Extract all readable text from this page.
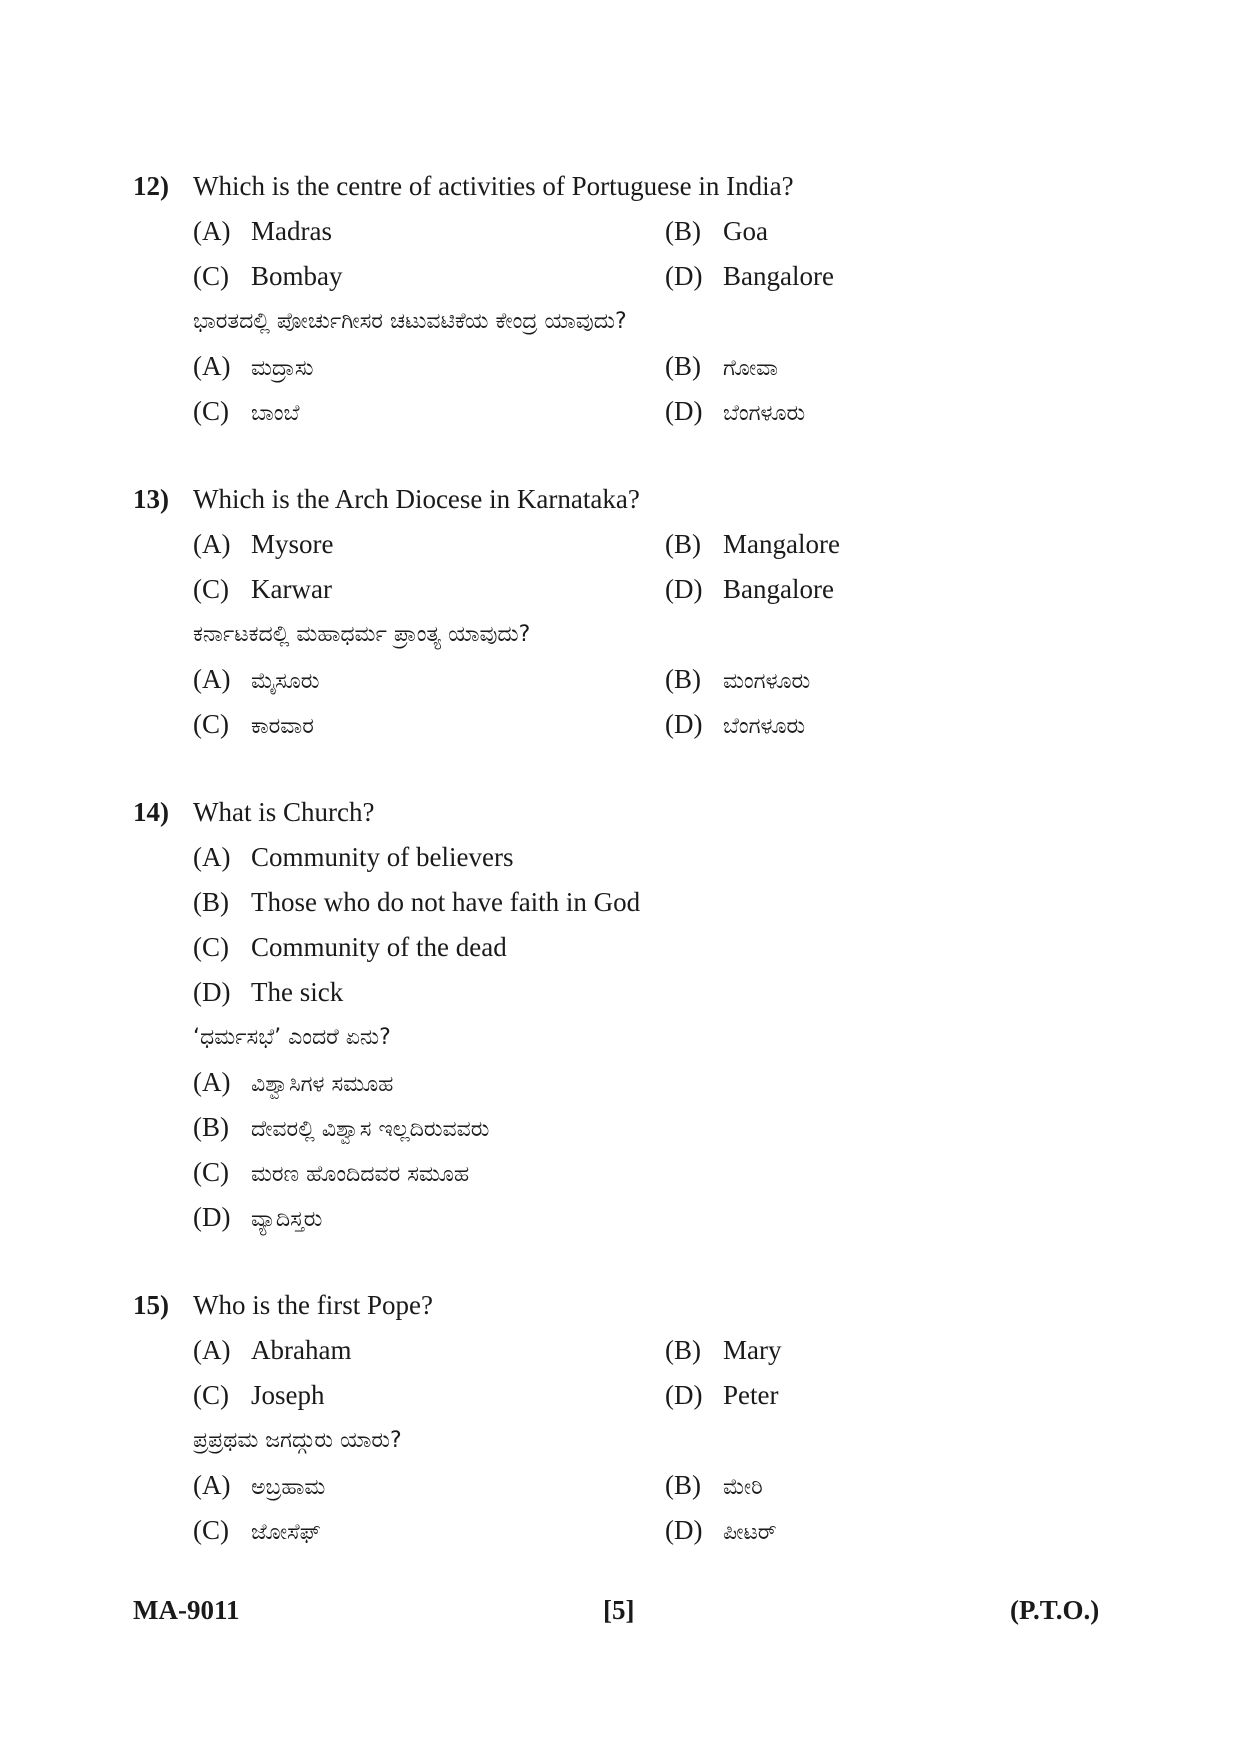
12) Which is the centre of activities of Portuguese in India?
(A) Madras	(B) Goa
(C) Bombay	(D) Bangalore
ಭಾರತದಲ್ಲಿ ಪೋರ್ಚುಗೀಸರ ಚಟುವಟಿಕೆಯ ಕೇಂದ್ರ ಯಾವುದು?
(A) ಮದ್ರಾಸು	(B) ಗೋವಾ
(C) ಬಾಂಬೆ	(D) ಬೆಂಗಳೂರು
13) Which is the Arch Diocese in Karnataka?
(A) Mysore	(B) Mangalore
(C) Karwar	(D) Bangalore
ಕರ್ನಾಟಕದಲ್ಲಿ ಮಹಾಧರ್ಮ ಪ್ರಾಂತ್ಯ ಯಾವುದು?
(A) ಮೈಸೂರು	(B) ಮಂಗಳೂರು
(C) ಕಾರವಾರ	(D) ಬೆಂಗಳೂರು
14) What is Church?
(A) Community of believers
(B) Those who do not have faith in God
(C) Community of the dead
(D) The sick
‘ಧರ್ಮಸಭೆ’ ಎಂದರೆ ಏನು?
(A) ವಿಶ್ವಾಸಿಗಳ ಸಮೂಹ
(B) ದೇವರಲ್ಲಿ ವಿಶ್ವಾಸ ಇಲ್ಲದಿರುವವರು
(C) ಮರಣ ಹೊಂದಿದವರ ಸಮೂಹ
(D) ವ್ಯಾದಿಸ್ತರು
15) Who is the first Pope?
(A) Abraham	(B) Mary
(C) Joseph	(D) Peter
ಪ್ರಪ್ರಥಮ ಜಗದ್ಗುರು ಯಾರು?
(A) ಅಬ್ರಹಾಮ	(B) ಮೇರಿ
(C) ಜೋಸೆಫ್	(D) ಪೀಟರ್
MA-9011	[5]	(P.T.O.)
